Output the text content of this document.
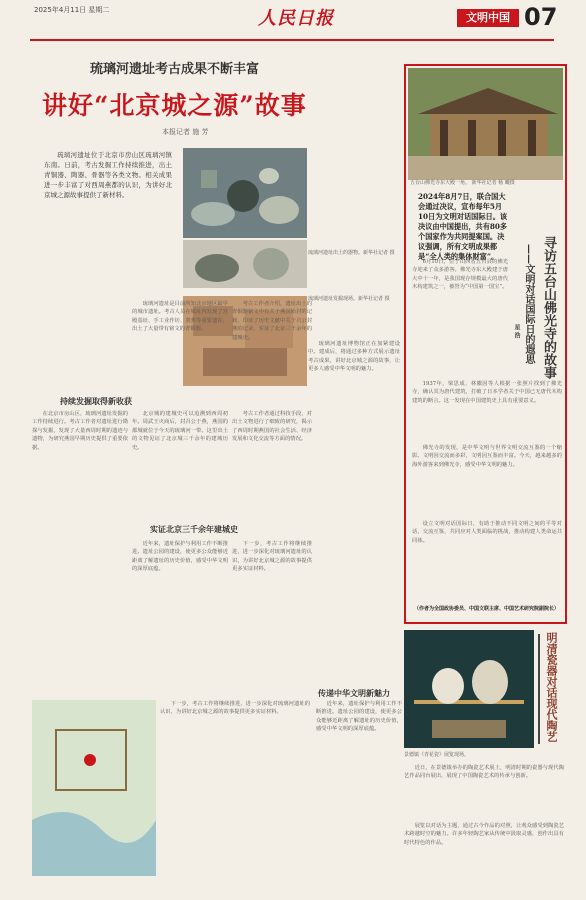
2025年4月11日 星期二	人民日报	文明中国 07
琉璃河遗址考古成果不断丰富
讲好“北京城之源”故事
本报记者 施 芳
琉璃河遗址位于北京市房山区琉璃河镇东南。日前，考古发掘工作持续推进，出土青铜器、陶器、骨器等各类文物。相关成果进一步丰富了对西周燕都的认识，为讲好北京城之源故事提供了新材料。
琉璃河遗址出土的器物。新华社记者 摄
琉璃河遗址发掘现场。新华社记者 摄
持续发掘取得新收获
在北京市房山区，琉璃河遗址发掘的工作持续进行。考古工作者对遗址进行勘探与发掘，发现了大量西周时期的遗迹与遗物，为研究燕国早期历史提供了重要依据。
琉璃河遗址是目前所知北京地区最早的城市遗址。考古人员在城址内发现了宫殿基址、手工业作坊、墓葬等重要遗存，出土了大量带有铭文的青铜器。
考古工作者介绍，遗址出土的青铜器铭文中有关于燕国始封的记载，印证了历史文献中关于召公封燕的记录，实证了北京三千余年的建城史。
琉璃河遗址博物馆正在加紧建设中。建成后，将通过多种方式展示遗址考古成果，讲好北京城之源的故事，让更多人感受中华文明的魅力。
实证北京三千余年建城史
北京城的建城史可以追溯到西周初年。周武王灭商后，封召公于燕，燕国的都城就位于今天的琉璃河一带。这里出土的文物见证了北京城三千余年的建城历史。
考古工作者通过科技手段，对出土文物进行了细致的研究，揭示了西周时期燕国的社会生活、经济发展和文化交流等方面的情况。
近年来，遗址保护与利用工作不断推进。遗址公园的建设，使更多公众能够近距离了解遗址的历史价值，感受中华文明的深厚底蕴。
下一步，考古工作将继续推进，进一步深化对琉璃河遗址的认识，为讲好北京城之源的故事提供更多实证材料。
传递中华文明新魅力
下一步，考古工作将继续推进，进一步深化对琉璃河遗址的认识，为讲好北京城之源的故事提供更多实证材料。
近年来，遗址保护与利用工作不断推进。遗址公园的建设，使更多公众能够近距离了解遗址的历史价值，感受中华文明的深厚底蕴。
五台山佛光寺东大殿一角。 新华社记者 杨 曦摄
2024年8月7日，联合国大会通过决议，宣布每年5月10日为文明对话国际日。该决议由中国提出，共有80多个国家作为共同提案国。决议强调，所有文明成果都是“全人类的集体财富”。	寻访五台山佛光寺的故事
——文明对话国际日的遐思
星 浩
6月10日，位于山西省五台县的佛光寺迎来了众多游客。佛光寺东大殿建于唐大中十一年，是我国现存规模最大的唐代木构建筑之一，被誉为“中国第一国宝”。
1937年，梁思成、林徽因等人根据一张照片找到了佛光寺，确认其为唐代建筑，打破了日本学者关于中国已无唐代木构建筑的断言。这一发现在中国建筑史上具有重要意义。
佛光寺的发现，是中华文明与世界文明交流互鉴的一个缩影。文明因交流而多彩，文明因互鉴而丰富。今天，越来越多的海外游客来到佛光寺，感受中华文明的魅力。
设立文明对话国际日，有助于推动不同文明之间的平等对话、交流互鉴，共同应对人类面临的挑战，推动构建人类命运共同体。
（作者为全国政协委员、中国文联主席、中国艺术研究院副院长）
明清瓷器对话现代陶艺
景德镇《青花瓷》展览现场。
近日，在景德镇举办的陶瓷艺术展上，明清时期的瓷器与现代陶艺作品同台展出，展现了中国陶瓷艺术的传承与创新。
展览以对话为主题，通过古今作品的对照，让观众感受到陶瓷艺术跨越时空的魅力。许多年轻陶艺家从传统中汲取灵感，创作出具有时代特色的作品。
